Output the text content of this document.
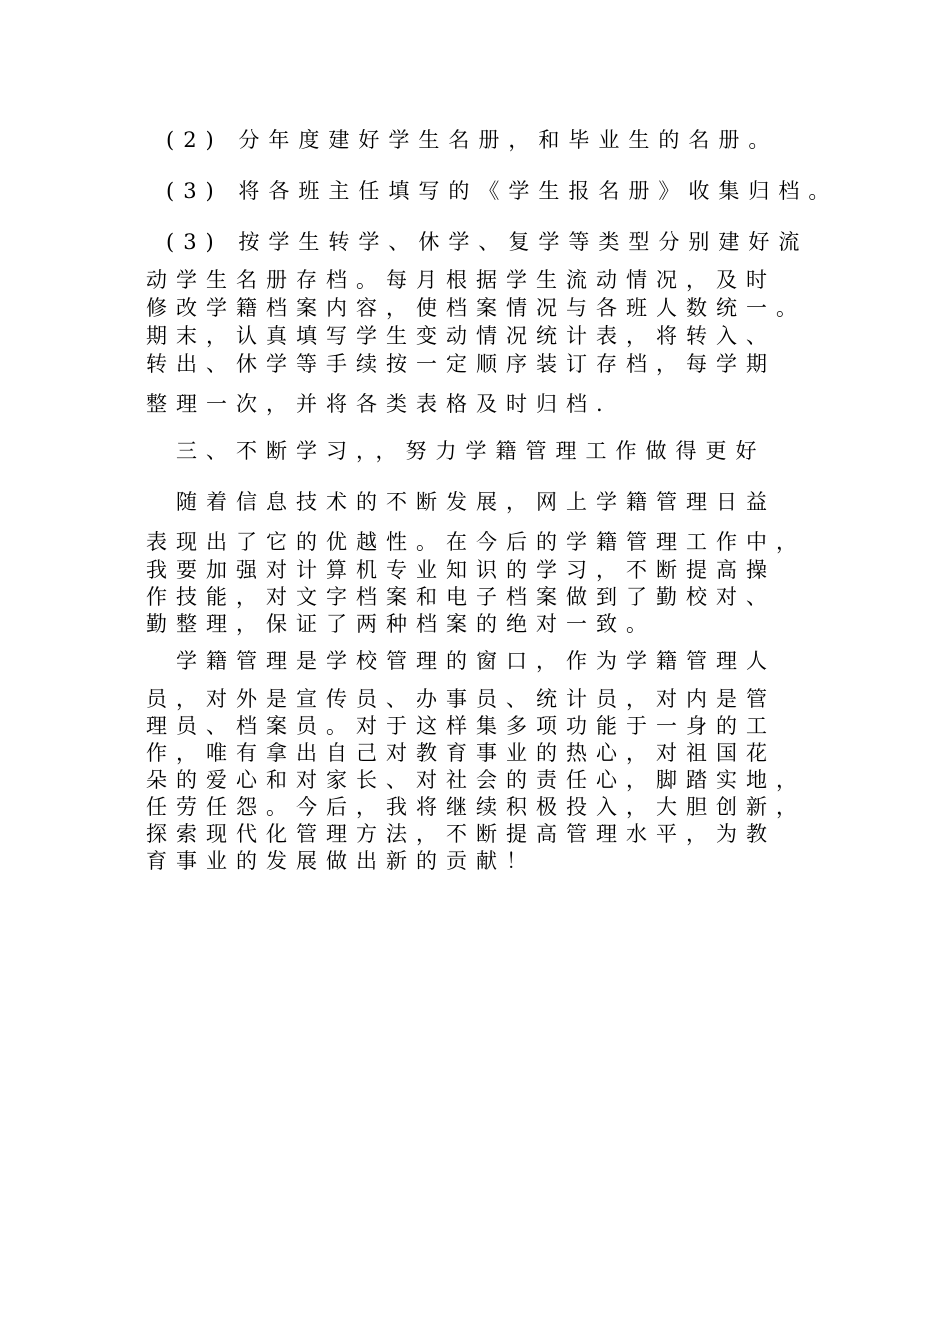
(2) 分年度建好学生名册，和毕业生的名册。
(3) 将各班主任填写的《学生报名册》收集归档。
(3) 按学生转学、休学、复学等类型分别建好流
动学生名册存档。每月根据学生流动情况，及时
修改学籍档案内容，使档案情况与各班人数统一。
期末，认真填写学生变动情况统计表，将转入、
转出、休学等手续按一定顺序装订存档，每学期
整理一次，并将各类表格及时归档.
三、不断学习，，努力学籍管理工作做得更好
随着信息技术的不断发展，网上学籍管理日益
表现出了它的优越性。在今后的学籍管理工作中，
我要加强对计算机专业知识的学习，不断提高操
作技能，对文字档案和电子档案做到了勤校对、
勤整理，保证了两种档案的绝对一致。
学籍管理是学校管理的窗口，作为学籍管理人
员，对外是宣传员、办事员、统计员，对内是管
理员、档案员。对于这样集多项功能于一身的工
作，唯有拿出自己对教育事业的热心，对祖国花
朵的爱心和对家长、对社会的责任心，脚踏实地，
任劳任怨。今后，我将继续积极投入，大胆创新，
探索现代化管理方法，不断提高管理水平，为教
育事业的发展做出新的贡献！
